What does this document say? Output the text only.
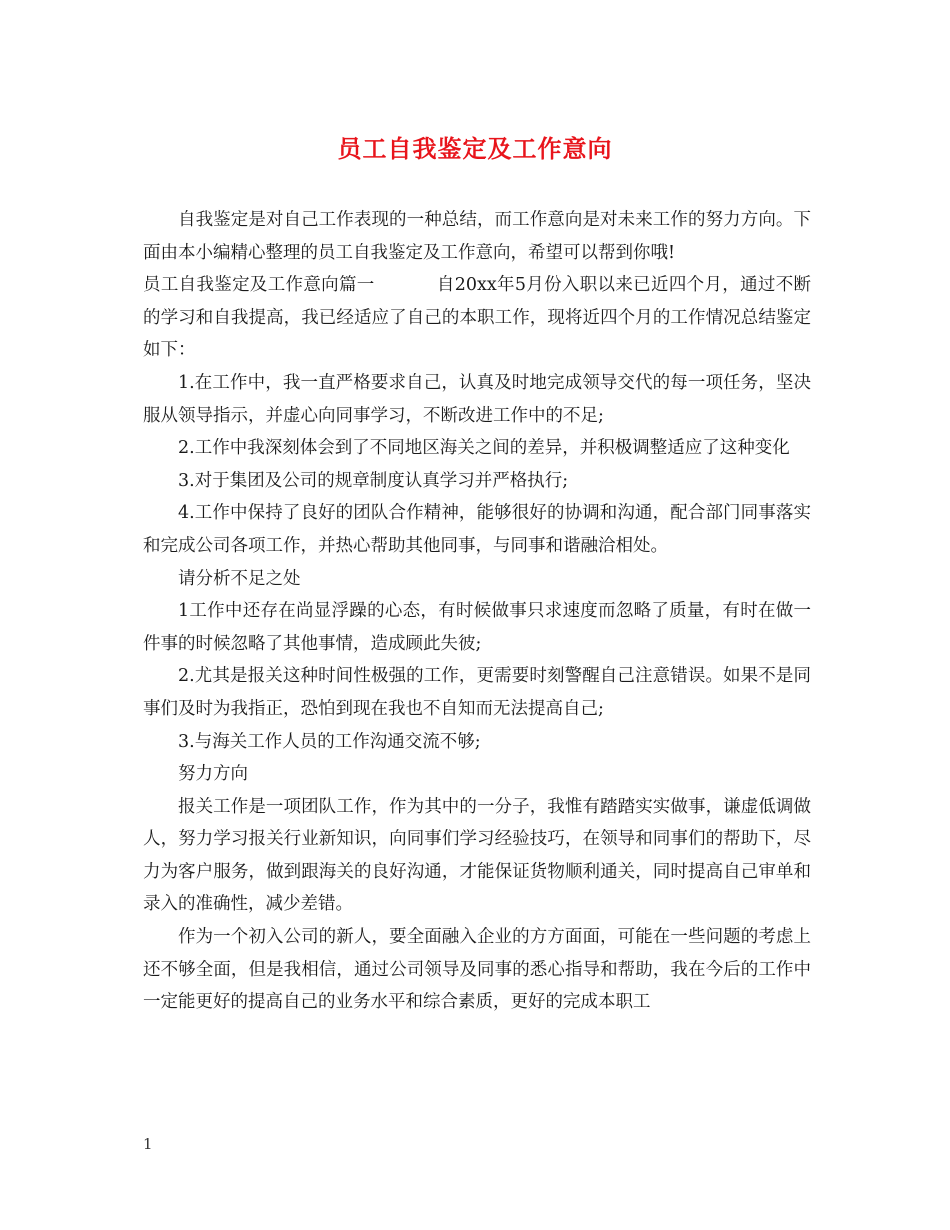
员工自我鉴定及工作意向

自我鉴定是对自己工作表现的一种总结，而工作意向是对未来工作的努力方向。下面由本小编精心整理的员工自我鉴定及工作意向，希望可以帮到你哦!

员工自我鉴定及工作意向篇一	自20xx年5月份入职以来已近四个月，通过不断的学习和自我提高，我已经适应了自己的本职工作，现将近四个月的工作情况总结鉴定如下：

1.在工作中，我一直严格要求自己，认真及时地完成领导交代的每一项任务，坚决服从领导指示，并虚心向同事学习，不断改进工作中的不足;

2.工作中我深刻体会到了不同地区海关之间的差异，并积极调整适应了这种变化

3.对于集团及公司的规章制度认真学习并严格执行;

4.工作中保持了良好的团队合作精神，能够很好的协调和沟通，配合部门同事落实和完成公司各项工作，并热心帮助其他同事，与同事和谐融洽相处。

请分析不足之处

1工作中还存在尚显浮躁的心态，有时候做事只求速度而忽略了质量，有时在做一件事的时候忽略了其他事情，造成顾此失彼;

2.尤其是报关这种时间性极强的工作，更需要时刻警醒自己注意错误。如果不是同事们及时为我指正，恐怕到现在我也不自知而无法提高自己;

3.与海关工作人员的工作沟通交流不够;

努力方向

报关工作是一项团队工作，作为其中的一分子，我惟有踏踏实实做事，谦虚低调做人，努力学习报关行业新知识，向同事们学习经验技巧，在领导和同事们的帮助下，尽力为客户服务，做到跟海关的良好沟通，才能保证货物顺利通关，同时提高自己审单和录入的准确性，减少差错。

作为一个初入公司的新人，要全面融入企业的方方面面，可能在一些问题的考虑上还不够全面，但是我相信，通过公司领导及同事的悉心指导和帮助，我在今后的工作中一定能更好的提高自己的业务水平和综合素质，更好的完成本职工

1
